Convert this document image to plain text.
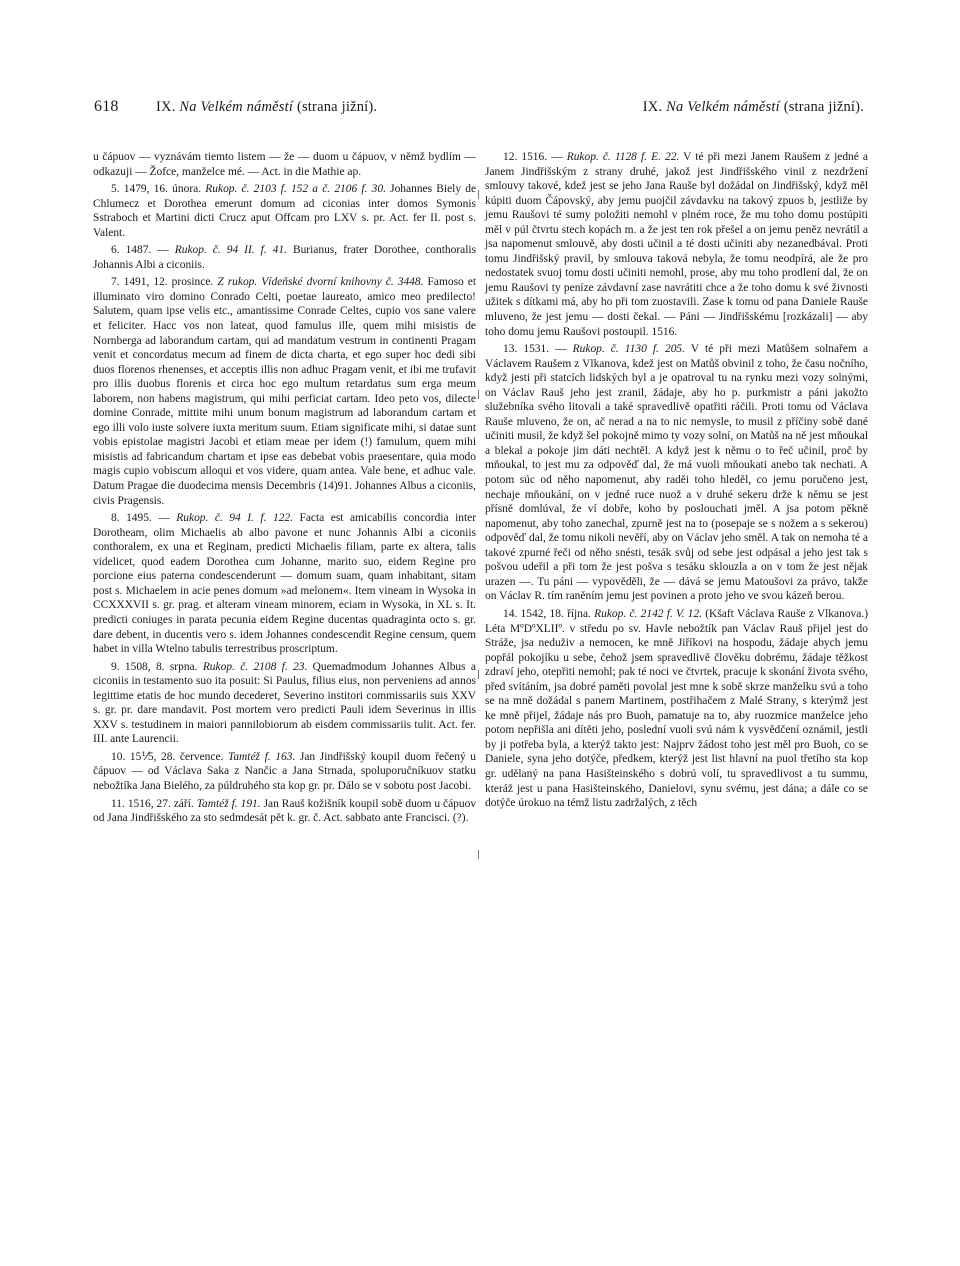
618	IX. Na Velkém náměstí (strana jižní).	IX. Na Velkém náměstí (strana jižní).

u čápuov — vyznávám tiemto listem — že — duom u čápuov, v němž bydlím — odkazuji — Žofce, manželce mé. — Act. in die Mathie ap.

5. 1479, 16. února. Rukop. č. 2103 f. 152 a č. 2106 f. 30. Johannes Biely de Chlumecz et Dorothea emerunt domum ad ciconias inter domos Symonis Sstraboch et Martini dicti Crucz aput Offcam pro LXV s. pr. Act. fer II. post s. Valent.

6. 1487. — Rukop. č. 94 II. f. 41. Burianus, frater Dorothee, conthoralis Johannis Albi a ciconiis.

7. 1491, 12. prosince. Z rukop. Vídeňské dvorní knihovny č. 3448. Famoso et illuminato viro domino Conrado Celti, poetae laureato, amico meo predilecto! Salutem, quam ipse velis etc., amantissime Conrade Celtes, cupio vos sane valere et feliciter. Hacc vos non lateat, quod famulus ille, quem mihi misistis de Nornberga ad laborandum cartam, qui ad mandatum vestrum in continenti Pragam venit et concordatus mecum ad finem de dicta charta, et ego super hoc dedi sibi duos florenos rhenenses, et acceptis illis non adhuc Pragam venit, et ibi me trufavit pro illis duobus florenis et circa hoc ego multum retardatus sum erga meum laborem, non habens magistrum, qui mihi perficiat cartam. Ideo peto vos, dilecte domine Conrade, mittite mihi unum bonum magistrum ad laborandum cartam et ego illi volo iuste solvere iuxta meritum suum. Etiam significate mihi, si datae sunt vobis epistolae magistri Jacobi et etiam meae per idem (!) famulum, quem mihi misistis ad fabricandum chartam et ipse eas debebat vobis praesentare, quia modo magis cupio vobiscum alloqui et vos videre, quam antea. Vale bene, et adhuc vale. Datum Pragae die duodecima mensis Decembris (14)91. Johannes Albus a ciconiis, civis Pragensis.

8. 1495. — Rukop. č. 94 I. f. 122. Facta est amicabilis concordia inter Dorotheam, olim Michaelis ab albo pavone et nunc Johannis Albi a ciconiis conthoralem, ex una et Reginam, predicti Michaelis filiam, parte ex altera, talis videlicet, quod eadem Dorothea cum Johanne, marito suo, eidem Regine pro porcione eius paterna condescenderunt — domum suam, quam inhabitant, sitam post s. Michaelem in acie penes domum »ad melonem«. Item vineam in Wysoka in CCXXXVII s. gr. prag. et alteram vineam minorem, eciam in Wysoka, in XL s. It. predicti coniuges in parata pecunia eidem Regine ducentas quadraginta octo s. gr. dare debent, in ducentis vero s. idem Johannes condescendit Regine censum, quem habet in villa Wtelno tabulis terrestribus proscriptum.

9. 1508, 8. srpna. Rukop. č. 2108 f. 23. Quemadmodum Johannes Albus a ciconiis in testamento suo ita posuit: Si Paulus, filius eius, non perveniens ad annos legittime etatis de hoc mundo decederet, Severino institori commissariis suis XXV s. gr. pr. dare mandavit. Post mortem vero predicti Pauli idem Severinus in illis XXV s. testudinem in maiori pannilobiorum ab eisdem commissariis tulit. Act. fer. III. ante Laurencii.

10. 15⅟5, 28. července. Tamtéž f. 163. Jan Jindřišský koupil duom řečený u čápuov — od Václava Saka z Nančic a Jana Strnada, spoluporučníkuov statku nebožtíka Jana Bielého, za púldruhého sta kop gr. pr. Dálo se v sobotu post Jacobi.

11. 1516, 27. září. Tamtéž f. 191. Jan Rauš kožišník koupil sobě duom u čápuov od Jana Jindřišského za sto sedmdesát pět k. gr. č. Act. sabbato ante Francisci. (?).

12. 1516. — Rukop. č. 1128 f. E. 22. V té při mezi Janem Raušem z jedné a Janem Jindřišským z strany druhé, jakož jest Jindřišského vinil z nezdržení smlouvy takové, kdež jest se jeho Jana Rauše byl dožádal on Jindřišský, když měl kúpiti duom Čápovský, aby jemu puojčil závdavku na takový zpuos b, jestliže by jemu Raušovi té sumy položiti nemohl v plném roce, že mu toho domu postúpiti měl v púl čtvrtu stech kopách m. a že jest ten rok přešel a on jemu peněz nevrátil a jsa napomenut smlouvě, aby dosti učinil a té dosti učiniti aby nezanedbával. Proti tomu Jindřišský pravil, by smlouva taková nebyla, že tomu neodpírá, ale že pro nedostatek svuoj tomu dosti učiniti nemohl, prose, aby mu toho prodlení dal, že on jemu Raušovi ty peníze závdavní zase navrátiti chce a že toho domu k své živnosti užitek s dítkami má, aby ho při tom zuostavili. Zase k tomu od pana Daniele Rauše mluveno, že jest jemu — dosti čekal. — Páni — Jindřišskému [rozkázali] — aby toho domu jemu Raušovi postoupil. 1516.

13. 1531. — Rukop. č. 1130 f. 205. V té při mezi Matůšem solnařem a Václavem Raušem z Vlkanova, kdež jest on Matůš obvinil z toho, že času nočního, když jesti při statcích lidských byl a je opatroval tu na rynku mezi vozy solnými, on Václav Rauš jeho jest zranil, žádaje, aby ho p. purkmistr a páni jakožto služebníka svého litovali a také spravedlivě opatřiti ráčili. Proti tomu od Václava Rauše mluveno, že on, ač nerad a na to nic nemysle, to musil z příčiny sobě dané učiniti musil, že když šel pokojně mimo ty vozy solní, on Matůš na ně jest mňoukal a blekal a pokoje jim dáti nechtěl. A když jest k němu o to řeč učinil, proč by mňoukal, to jest mu za odpověď dal, že má vuoli mňoukati anebo tak nechati. A potom súc od něho napomenut, aby raděi toho hleděl, co jemu poručeno jest, nechaje mňoukání, on v jedné ruce nuož a v druhé sekeru drže k němu se jest přísně domlúval, že ví dobře, koho by poslouchati jměl. A jsa potom pěkně napomenut, aby toho zanechal, zpurně jest na to (posepaje se s nožem a s sekerou) odpověď dal, že tomu nikoli nevěří, aby on Václav jeho směl. A tak on nemoha té a takové zpurné řeči od něho snésti, tesák svůj od sebe jest odpásal a jeho jest tak s pošvou udeřil a při tom že jest pošva s tesáku sklouzla a on v tom že jest nějak urazen —. Tu páni — vypověděli, že — dává se jemu Matoušovi za právo, takže on Václav R. tím raněním jemu jest povinen a proto jeho ve svou kázeň berou.

14. 1542, 18. října. Rukop. č. 2142 f. V. 12. (Kšaft Václava Rauše z Vlkanova.) Léta MºDºXLIIº. v středu po sv. Havle nebožtík pan Václav Rauš přijel jest do Stráže, jsa neduživ a nemocen, ke mně Jiříkovi na hospodu, žádaje abych jemu popřál pokojíku u sebe, čehož jsem spravedlivě člověku dobrému, žádaje těžkost zdraví jeho, otepřiti nemohl; pak té noci ve čtvrtek, pracuje k skonání života svého, před svítáním, jsa dobré paměti povolal jest mne k sobě skrze manželku svú a toho se na mně dožádal s panem Martinem, postřihačem z Malé Strany, s kterýmž jest ke mně přijel, žádaje nás pro Buoh, pamatuje na to, aby ruozmice manželce jeho potom nepřišla ani dítěti jeho, poslední vuoli svú nám k vysvědčení oznámil, jestli by ji potřeba byla, a kterýž takto jest: Najprv žádost toho jest měl pro Buoh, co se Daniele, syna jeho dotýče, předkem, kterýž jest list hlavní na puol třetího sta kop gr. udělaný na pana Hasišteinského s dobrú volí, tu spravedlivost a tu summu, kteráž jest u pana Hasišteinského, Danielovi, synu svému, jest dána; a dále co se dotýče úrokuo na témž listu zadržalých, z těch
